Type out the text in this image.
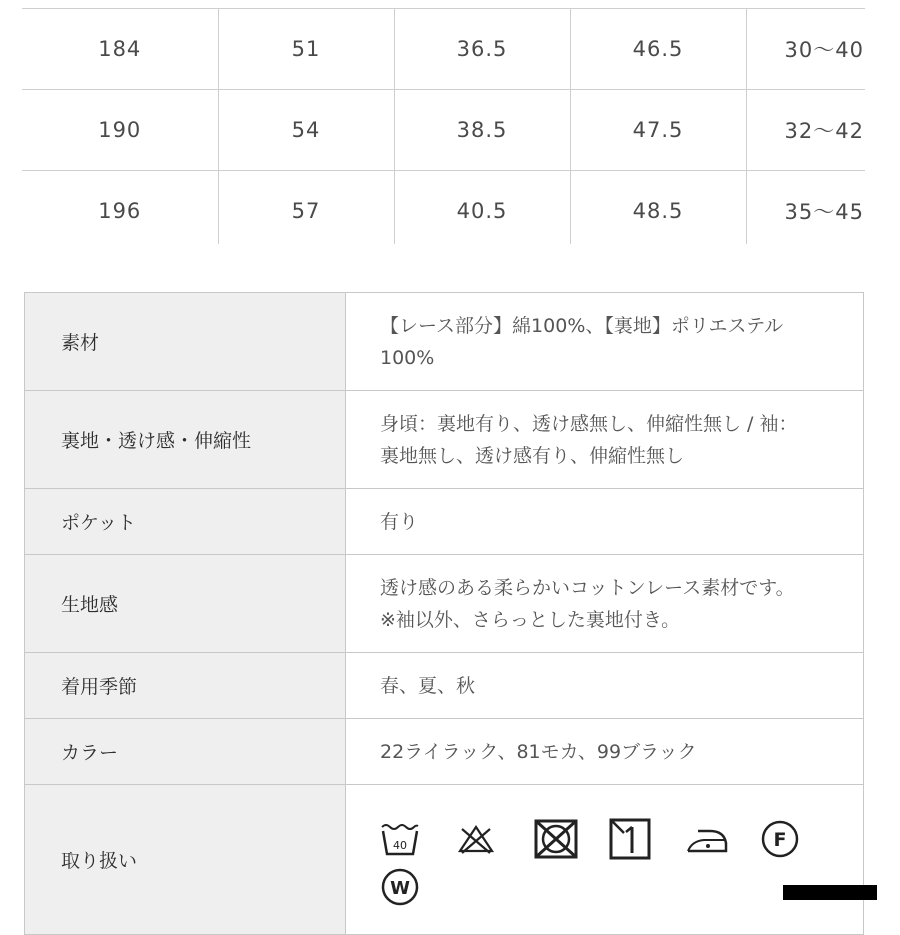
184	51	36.5	46.5	30～40
190	54	38.5	47.5	32～42
196	57	40.5	48.5	35～45
素材	【レース部分】綿100%、【裏地】ポリエステル
100%

裏地・透け感・伸縮性	身頃：裏地有り、透け感無し、伸縮性無し / 袖：
裏地無し、透け感有り、伸縮性無し

ポケット	有り

生地感	透け感のある柔らかいコットンレース素材です。
※袖以外、さらっとした裏地付き。

着用季節	春、夏、秋

カラー	22ライラック、81モカ、99ブラック

取り扱い	40 F
W
